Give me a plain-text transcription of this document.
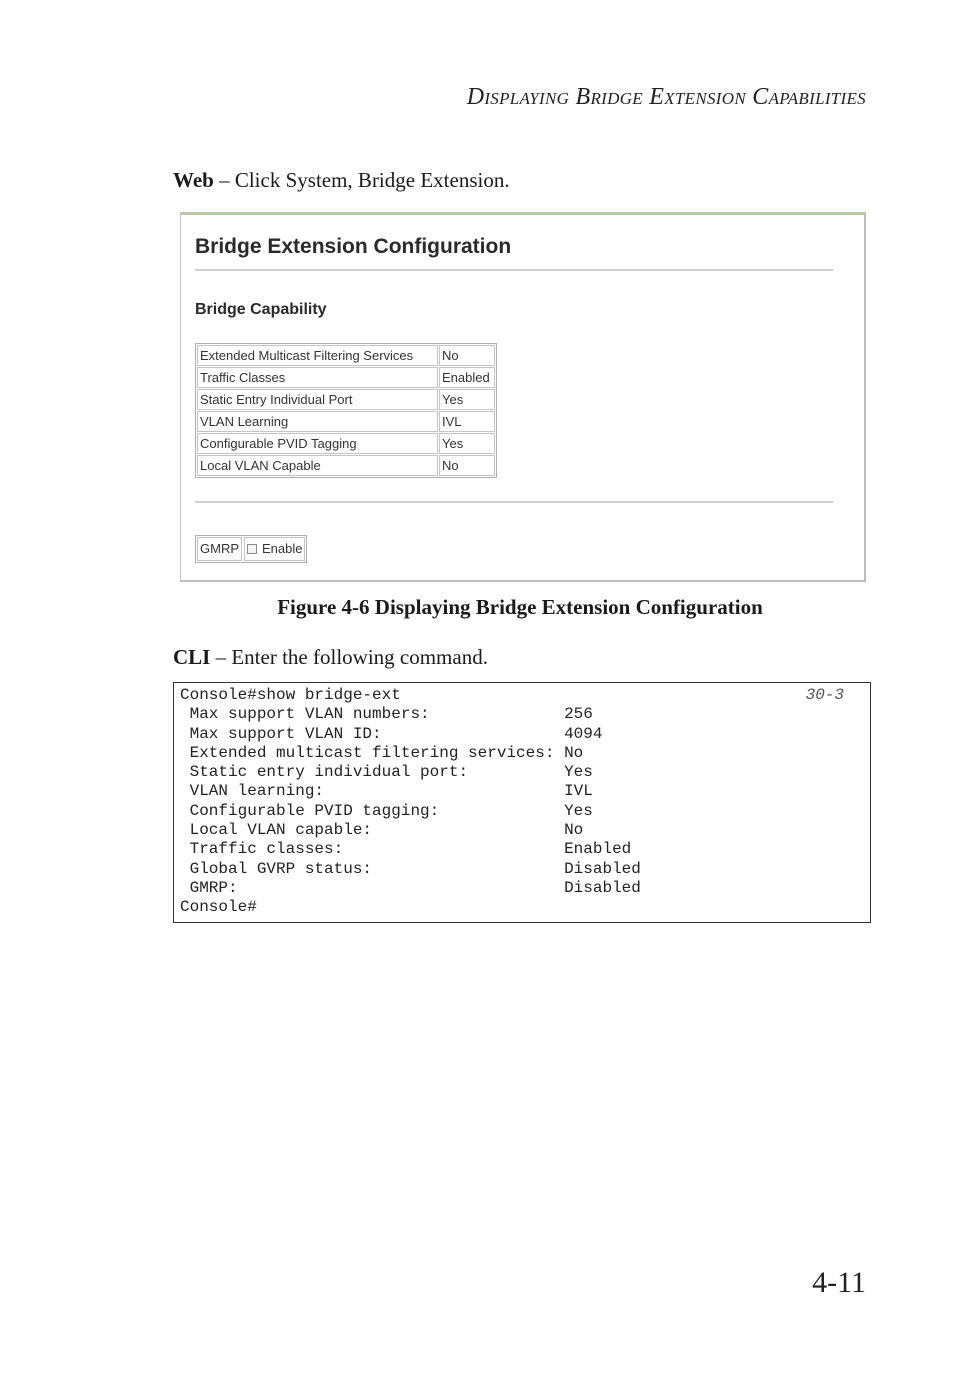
Displaying Bridge Extension Capabilities
Web – Click System, Bridge Extension.
Bridge Extension Configuration
Bridge Capability
Extended Multicast Filtering Services	No
Traffic Classes	Enabled
Static Entry Individual Port	Yes
VLAN Learning	IVL
Configurable PVID Tagging	Yes
Local VLAN Capable	No
GMRP Enable
Figure 4-6 Displaying Bridge Extension Configuration
CLI – Enter the following command.
30-3
Console#show bridge-ext
Max support VLAN numbers:              256
Max support VLAN ID:                   4094
Extended multicast filtering services: No
Static entry individual port:          Yes
VLAN learning:                         IVL
Configurable PVID tagging:             Yes
Local VLAN capable:                    No
Traffic classes:                       Enabled
Global GVRP status:                    Disabled
GMRP:                                  Disabled
Console#
4-11
